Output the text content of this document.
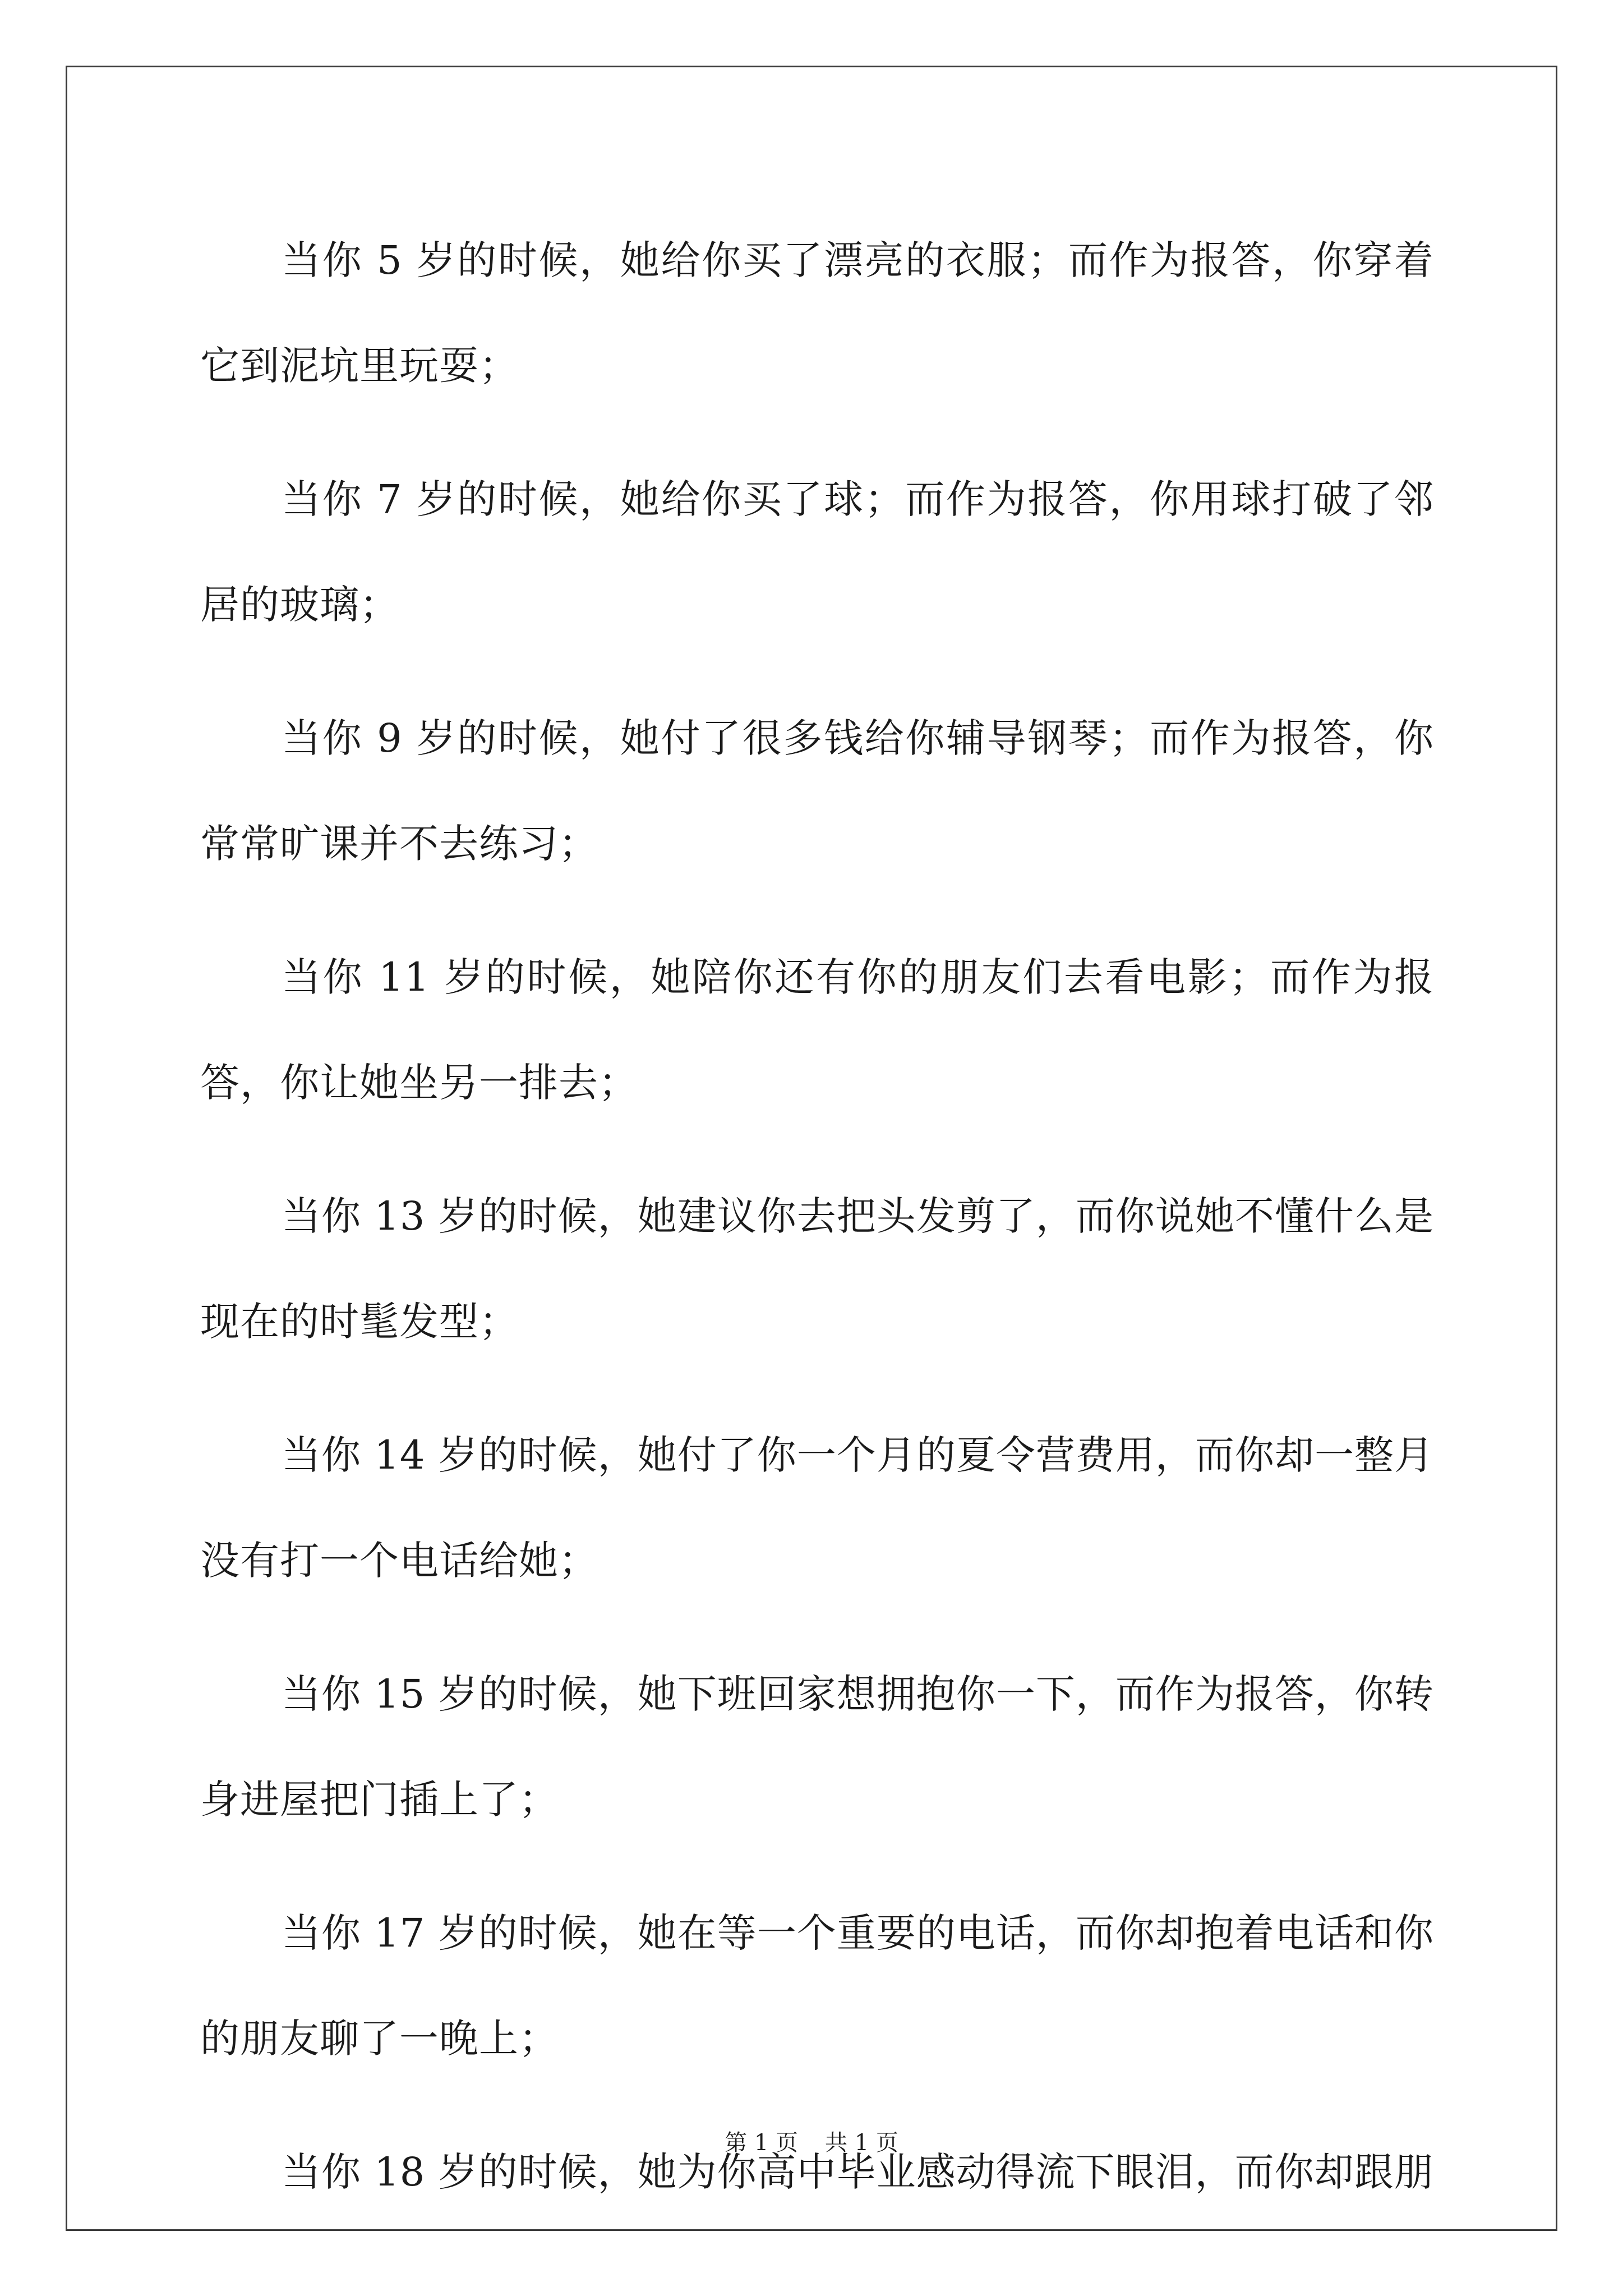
当你 5 岁的时候，她给你买了漂亮的衣服；而作为报答，你穿着它到泥坑里玩耍；

当你 7 岁的时候，她给你买了球；而作为报答，你用球打破了邻居的玻璃；

当你 9 岁的时候，她付了很多钱给你辅导钢琴；而作为报答，你常常旷课并不去练习；

当你 11 岁的时候，她陪你还有你的朋友们去看电影；而作为报答，你让她坐另一排去；

当你 13 岁的时候，她建议你去把头发剪了，而你说她不懂什么是现在的时髦发型；

当你 14 岁的时候，她付了你一个月的夏令营费用，而你却一整月没有打一个电话给她；

当你 15 岁的时候，她下班回家想拥抱你一下，而作为报答，你转身进屋把门插上了；

当你 17 岁的时候，她在等一个重要的电话，而你却抱着电话和你的朋友聊了一晚上；

当你 18 岁的时候，她为你高中毕业感动得流下眼泪，而你却跟朋

第 1 页 共 1 页
